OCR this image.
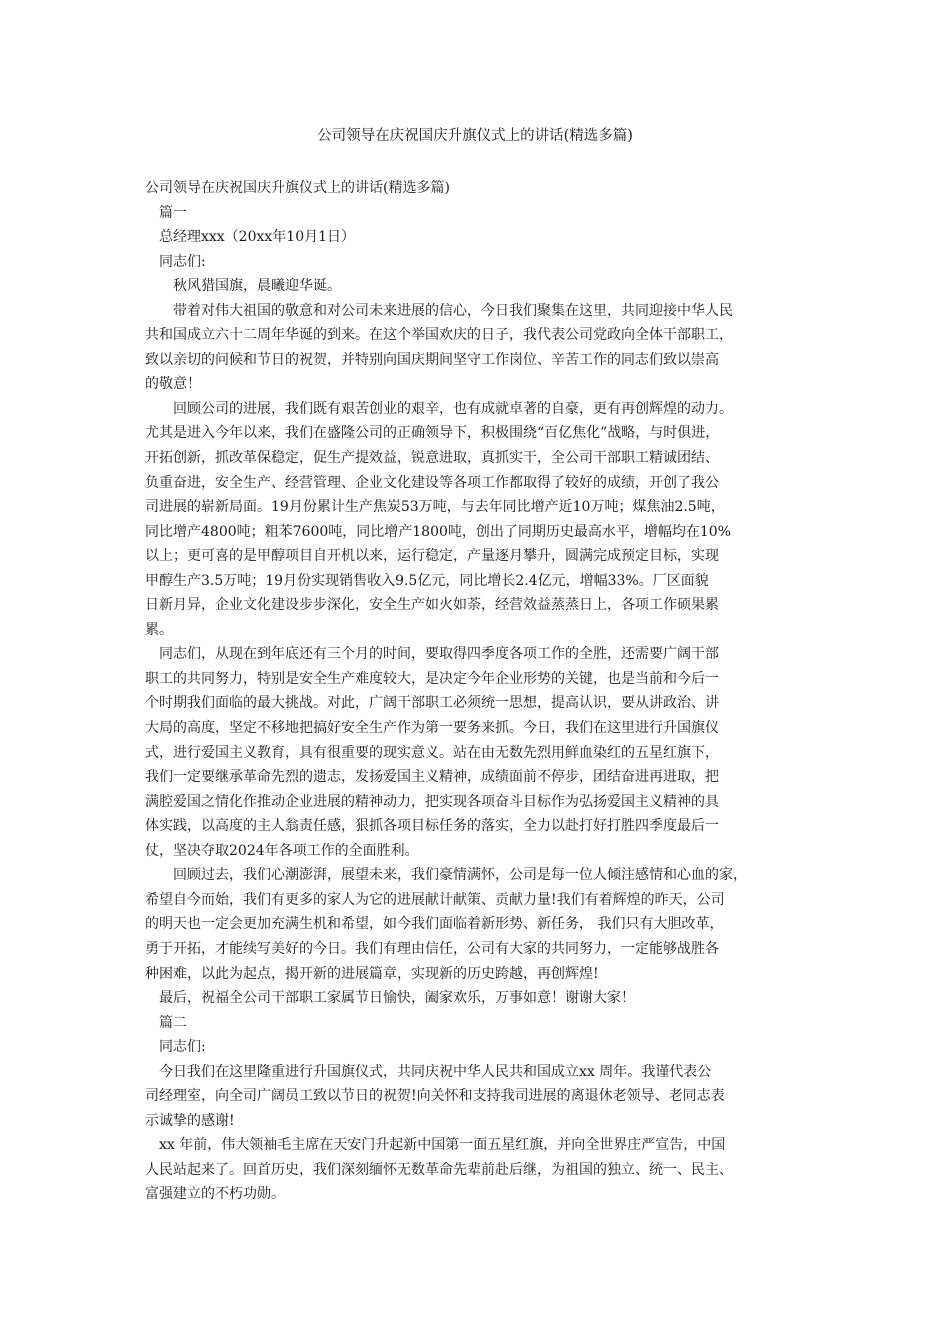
公司领导在庆祝国庆升旗仪式上的讲话(精选多篇)

公司领导在庆祝国庆升旗仪式上的讲话(精选多篇)

篇一

总经理xxx（20xx年10月1日）

同志们:

秋风猎国旗，晨曦迎华诞。

带着对伟大祖国的敬意和对公司未来进展的信心，今日我们聚集在这里，共同迎接中华人民

共和国成立六十二周年华诞的到来。在这个举国欢庆的日子，我代表公司党政向全体干部职工，

致以亲切的问候和节日的祝贺，并特别向国庆期间坚守工作岗位、辛苦工作的同志们致以崇高

的敬意！

回顾公司的进展，我们既有艰苦创业的艰辛，也有成就卓著的自豪，更有再创辉煌的动力。

尤其是进入今年以来，我们在盛隆公司的正确领导下，积极围绕“百亿焦化”战略，与时俱进，

开拓创新，抓改革保稳定，促生产提效益，锐意进取，真抓实干，全公司干部职工精诚团结、

负重奋进，安全生产、经营管理、企业文化建设等各项工作都取得了较好的成绩，开创了我公

司进展的崭新局面。19月份累计生产焦炭53万吨，与去年同比增产近10万吨；煤焦油2.5吨，

同比增产4800吨；粗苯7600吨，同比增产1800吨，创出了同期历史最高水平，增幅均在10%

以上；更可喜的是甲醇项目自开机以来，运行稳定，产量逐月攀升，圆满完成预定目标，实现

甲醇生产3.5万吨；19月份实现销售收入9.5亿元，同比增长2.4亿元，增幅33%。厂区面貌

日新月异，企业文化建设步步深化，安全生产如火如荼，经营效益蒸蒸日上，各项工作硕果累

累。

同志们，从现在到年底还有三个月的时间，要取得四季度各项工作的全胜，还需要广阔干部

职工的共同努力，特别是安全生产难度较大，是决定今年企业形势的关键，也是当前和今后一

个时期我们面临的最大挑战。对此，广阔干部职工必须统一思想，提高认识，要从讲政治、讲

大局的高度，坚定不移地把搞好安全生产作为第一要务来抓。今日，我们在这里进行升国旗仪

式，进行爱国主义教育，具有很重要的现实意义。站在由无数先烈用鲜血染红的五星红旗下，

我们一定要继承革命先烈的遗志，发扬爱国主义精神，成绩面前不停步，团结奋进再进取，把

满腔爱国之情化作推动企业进展的精神动力，把实现各项奋斗目标作为弘扬爱国主义精神的具

体实践，以高度的主人翁责任感，狠抓各项目标任务的落实，全力以赴打好打胜四季度最后一

仗，坚决夺取2024年各项工作的全面胜利。

回顾过去，我们心潮澎湃，展望未来，我们豪情满怀，公司是每一位人倾注感情和心血的家，

希望自今而始，我们有更多的家人为它的进展献计献策、贡献力量!我们有着辉煌的昨天，公司

的明天也一定会更加充满生机和希望，如今我们面临着新形势、新任务， 我们只有大胆改革，

勇于开拓，才能续写美好的今日。我们有理由信任，公司有大家的共同努力，一定能够战胜各

种困难，以此为起点，揭开新的进展篇章，实现新的历史跨越，再创辉煌!

最后，祝福全公司干部职工家属节日愉快，阖家欢乐，万事如意！谢谢大家！

篇二

同志们:

今日我们在这里隆重进行升国旗仪式，共同庆祝中华人民共和国成立xx 周年。我谨代表公

司经理室，向全司广阔员工致以节日的祝贺!向关怀和支持我司进展的离退休老领导、老同志表

示诚挚的感谢!

xx 年前，伟大领袖毛主席在天安门升起新中国第一面五星红旗，并向全世界庄严宣告，中国

人民站起来了。回首历史，我们深刻缅怀无数革命先辈前赴后继，为祖国的独立、统一、民主、

富强建立的不朽功勋。
